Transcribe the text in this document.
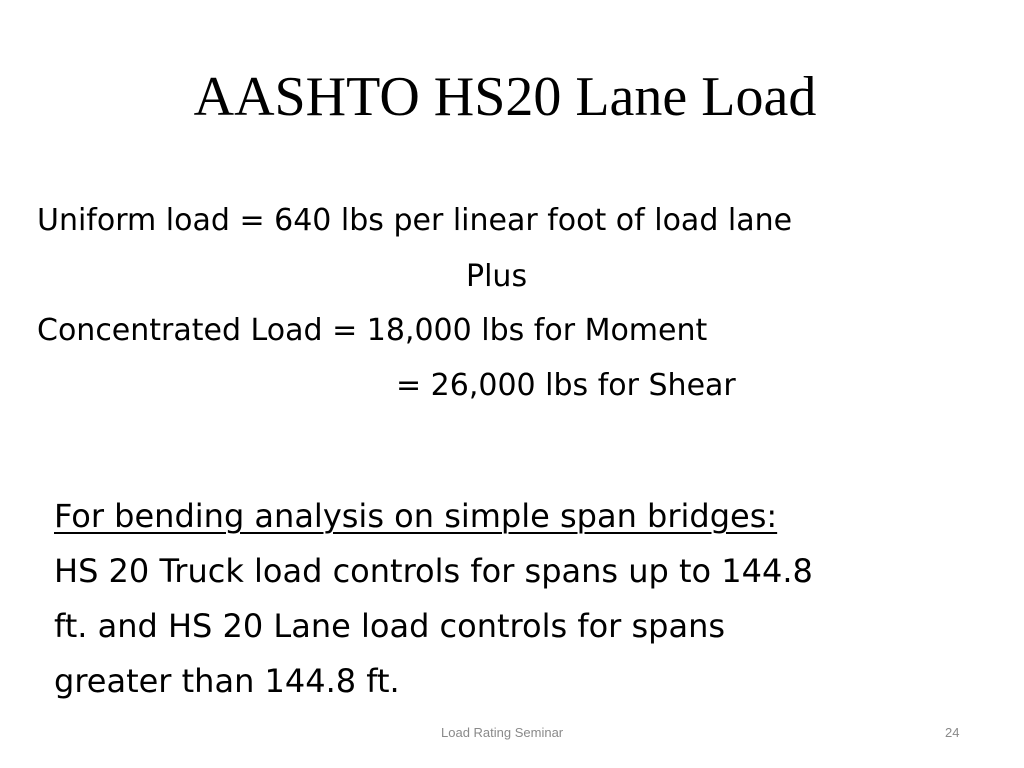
AASHTO HS20 Lane Load
Uniform load = 640 lbs per linear foot of load lane
Plus
Concentrated Load = 18,000 lbs for Moment
= 26,000 lbs for Shear
For bending analysis on simple span bridges:
HS 20 Truck load controls for spans up to 144.8
ft. and HS 20 Lane load controls for spans
greater than 144.8 ft.
Load Rating Seminar	24
